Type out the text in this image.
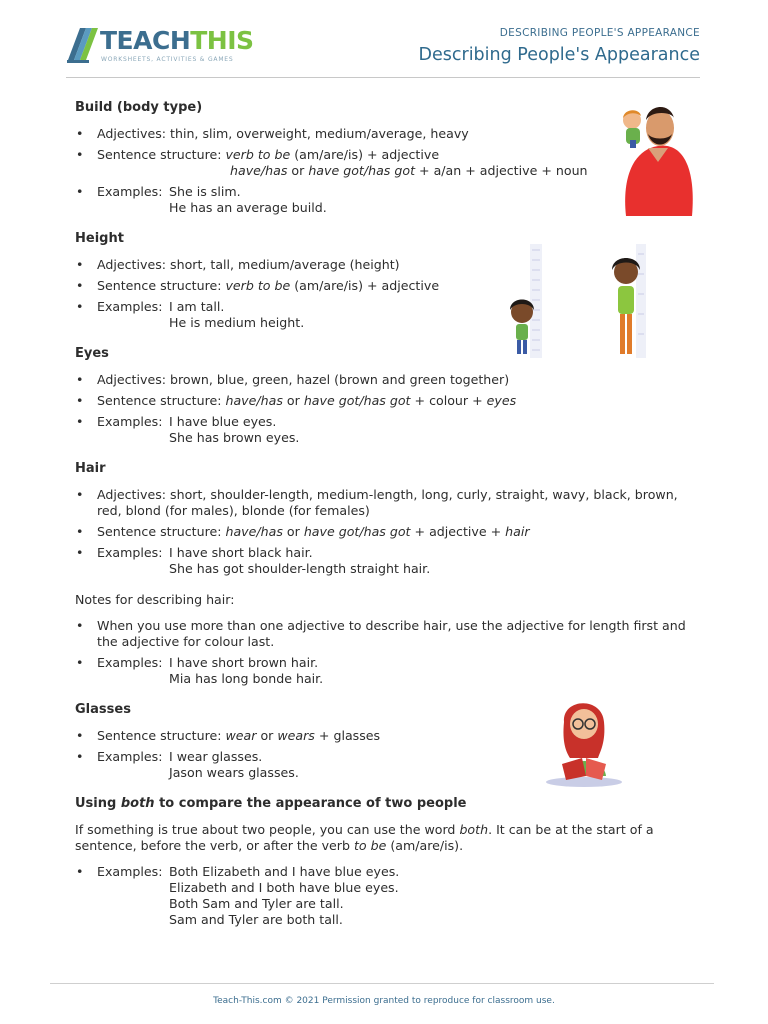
TEACHTHIS
WORKSHEETS, ACTIVITIES & GAMES
DESCRIBING PEOPLE'S APPEARANCE
Describing People's Appearance
Build (body type)
• Adjectives: thin, slim, overweight, medium/average, heavy
• Sentence structure: verb to be (am/are/is) + adjective
have/has or have got/has got + a/an + adjective + noun
• Examples: She is slim.
He has an average build.
Height
• Adjectives: short, tall, medium/average (height)
• Sentence structure: verb to be (am/are/is) + adjective
• Examples: I am tall.
He is medium height.
Eyes
• Adjectives: brown, blue, green, hazel (brown and green together)
• Sentence structure: have/has or have got/has got + colour + eyes
• Examples: I have blue eyes.
She has brown eyes.
Hair
• Adjectives: short, shoulder-length, medium-length, long, curly, straight, wavy, black, brown, red, blond (for males), blonde (for females)
• Sentence structure: have/has or have got/has got + adjective + hair
• Examples: I have short black hair.
She has got shoulder-length straight hair.
Notes for describing hair:
• When you use more than one adjective to describe hair, use the adjective for length first and the adjective for colour last.
• Examples: I have short brown hair.
Mia has long bonde hair.
Glasses
• Sentence structure: wear or wears + glasses
• Examples: I wear glasses.
Jason wears glasses.
Using both to compare the appearance of two people
If something is true about two people, you can use the word both. It can be at the start of a sentence, before the verb, or after the verb to be (am/are/is).
• Examples: Both Elizabeth and I have blue eyes.
Elizabeth and I both have blue eyes.
Both Sam and Tyler are tall.
Sam and Tyler are both tall.
Teach-This.com © 2021 Permission granted to reproduce for classroom use.
